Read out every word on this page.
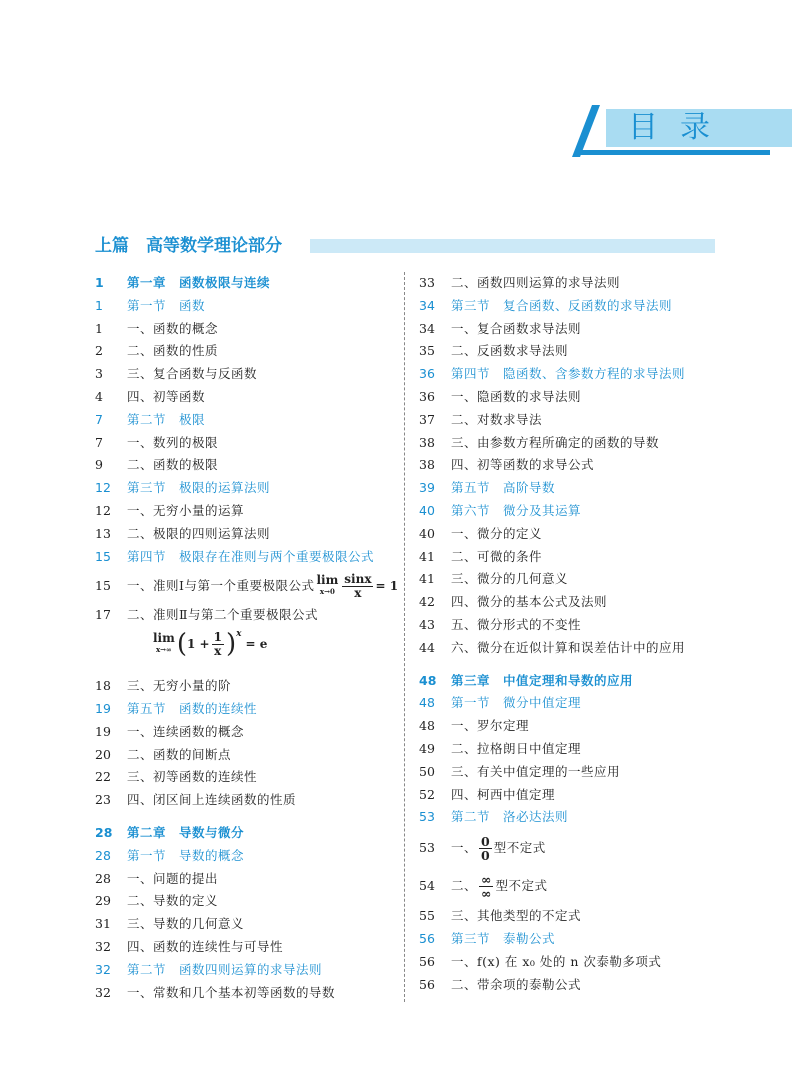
目录
上篇　高等数学理论部分
1	第一章　函数极限与连续
1	第一节　函数
1	一、函数的概念
2	二、函数的性质
3	三、复合函数与反函数
4	四、初等函数
7	第二节　极限
7	一、数列的极限
9	二、函数的极限
12	第三节　极限的运算法则
12	一、无穷小量的运算
13	二、极限的四则运算法则
15	第四节　极限存在准则与两个重要极限公式
15	一、准则Ⅰ与第一个重要极限公式 lim
$x\to 0 \frac{\sin x}{x} = 1$
17	二、准则Ⅱ与第二个重要极限公式
lim
x→∞ ( $1 + \frac{1}{x}$ ) x
= e
18	三、无穷小量的阶
19	第五节　函数的连续性
19	一、连续函数的概念
20	二、函数的间断点
22	三、初等函数的连续性
23	四、闭区间上连续函数的性质
28	第二章　导数与微分
28	第一节　导数的概念
28	一、问题的提出
29	二、导数的定义
31	三、导数的几何意义
32	四、函数的连续性与可导性
32	第二节　函数四则运算的求导法则
32	一、常数和几个基本初等函数的导数
33	二、函数四则运算的求导法则
34	第三节　复合函数、反函数的求导法则
34	一、复合函数求导法则
35	二、反函数求导法则
36	第四节　隐函数、含参数方程的求导法则
36	一、隐函数的求导法则
37	二、对数求导法
38	三、由参数方程所确定的函数的导数
38	四、初等函数的求导公式
39	第五节　高阶导数
40	第六节　微分及其运算
40	一、微分的定义
41	二、可微的条件
41	三、微分的几何意义
42	四、微分的基本公式及法则
43	五、微分形式的不变性
44	六、微分在近似计算和误差估计中的应用
48	第三章　中值定理和导数的应用
48	第一节　微分中值定理
48	一、罗尔定理
49	二、拉格朗日中值定理
50	三、有关中值定理的一些应用
52	四、柯西中值定理
53	第二节　洛必达法则
53	一、 $\frac{0}{0}$ 型不定式
54	二、 $\frac{\infty}{\infty}$ 型不定式
55	三、其他类型的不定式
56	第三节　泰勒公式
56	一、f(x) 在 x₀ 处的 n 次泰勒多项式
56	二、带余项的泰勒公式
